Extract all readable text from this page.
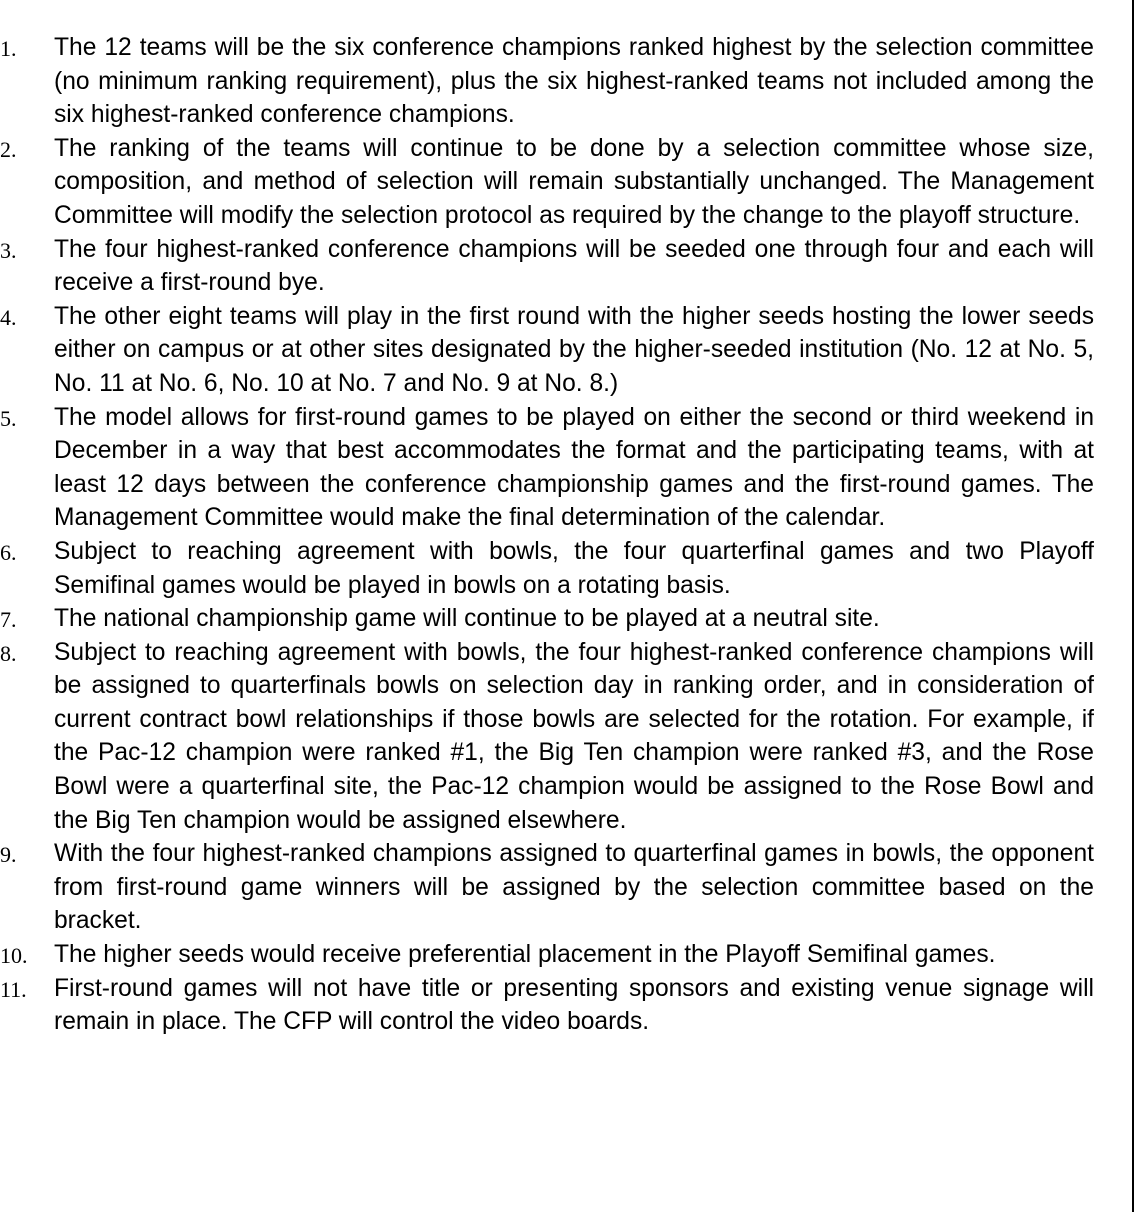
1.	The 12 teams will be the six conference champions ranked highest by the selection committee (no minimum ranking requirement), plus the six highest-ranked teams not included among the six highest-ranked conference champions.
2.	The ranking of the teams will continue to be done by a selection committee whose size, composition, and method of selection will remain substantially unchanged. The Management Committee will modify the selection protocol as required by the change to the playoff structure.
3.	The four highest-ranked conference champions will be seeded one through four and each will receive a first-round bye.
4.	The other eight teams will play in the first round with the higher seeds hosting the lower seeds either on campus or at other sites designated by the higher-seeded institution (No. 12 at No. 5, No. 11 at No. 6, No. 10 at No. 7 and No. 9 at No. 8.)
5.	The model allows for first-round games to be played on either the second or third weekend in December in a way that best accommodates the format and the participating teams, with at least 12 days between the conference championship games and the first-round games. The Management Committee would make the final determination of the calendar.
6.	Subject to reaching agreement with bowls, the four quarterfinal games and two Playoff Semifinal games would be played in bowls on a rotating basis.
7.	The national championship game will continue to be played at a neutral site.
8.	Subject to reaching agreement with bowls, the four highest-ranked conference champions will be assigned to quarterfinals bowls on selection day in ranking order, and in consideration of current contract bowl relationships if those bowls are selected for the rotation. For example, if the Pac-12 champion were ranked #1, the Big Ten champion were ranked #3, and the Rose Bowl were a quarterfinal site, the Pac-12 champion would be assigned to the Rose Bowl and the Big Ten champion would be assigned elsewhere.
9.	With the four highest-ranked champions assigned to quarterfinal games in bowls, the opponent from first-round game winners will be assigned by the selection committee based on the bracket.
10.	The higher seeds would receive preferential placement in the Playoff Semifinal games.
11.	First-round games will not have title or presenting sponsors and existing venue signage will remain in place. The CFP will control the video boards.
